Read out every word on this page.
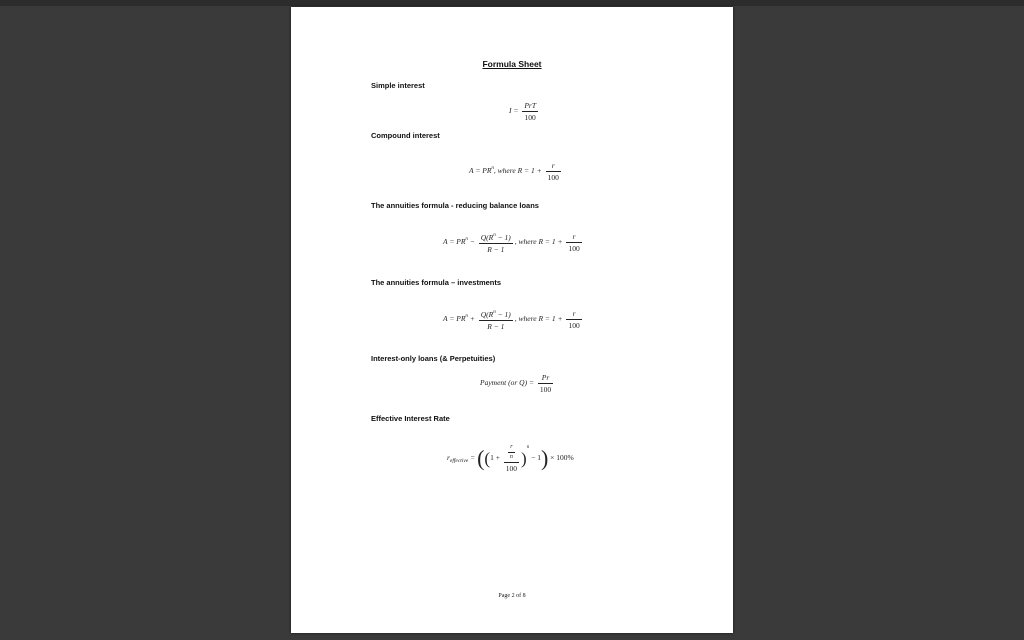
Formula Sheet
Simple interest
$I = \frac{\text{PrT}}{100}$
Compound interest
$A = PR^n$, where $R = 1 + \frac{r}{100}$
The annuities formula - reducing balance loans
$A = PR^n - \frac{Q(R^n - 1)}{R - 1}$ , where $R = 1 + \frac{r}{100}$
The annuities formula – investments
$A = PR^n + \frac{Q(R^n - 1)}{R - 1}$ , where $R = 1 + \frac{r}{100}$
Interest-only loans (& Perpetuities)
Payment (or $Q) = \frac{Pr}{100}$
Effective Interest Rate
$r_{effective} = ((1 + \frac{\frac{r}{n}}{100} )^n - 1) \times 100\%$
Page 2 of 8
